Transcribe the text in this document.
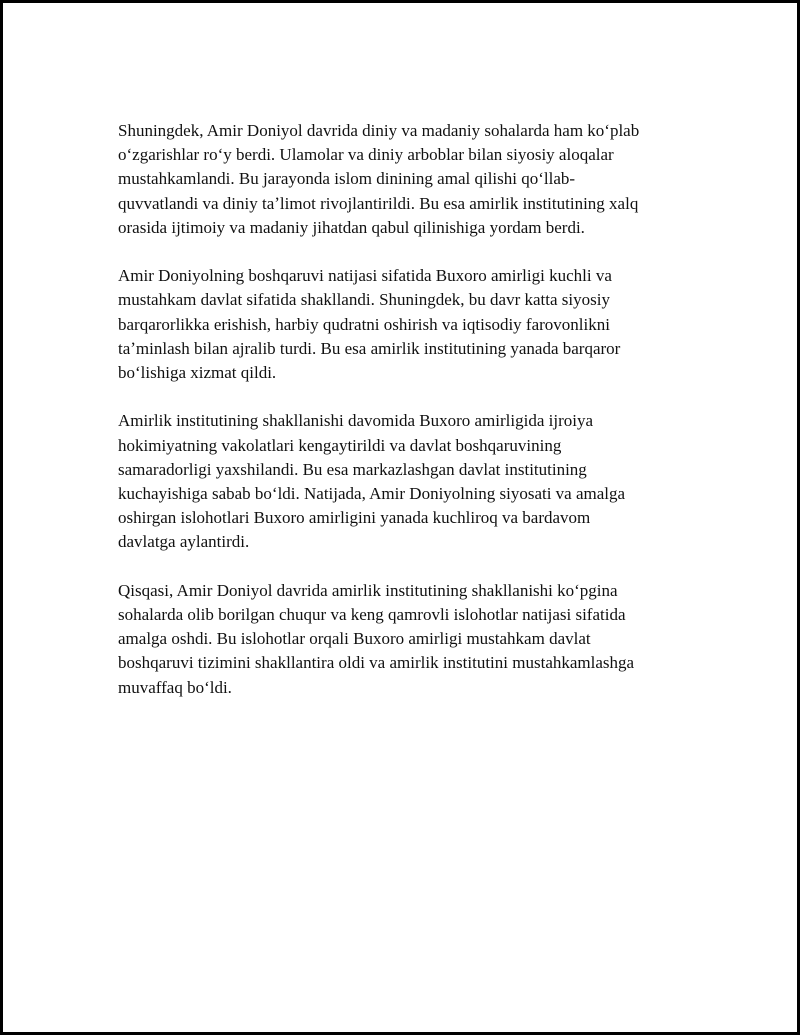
Shuningdek, Amir Doniyol davrida diniy va madaniy sohalarda ham koʻplab
oʻzgarishlar roʻy berdi. Ulamolar va diniy arboblar bilan siyosiy aloqalar
mustahkamlandi. Bu jarayonda islom dinining amal qilishi qoʻllab-
quvvatlandi va diniy taʼlimot rivojlantirildi. Bu esa amirlik institutining xalq
orasida ijtimoiy va madaniy jihatdan qabul qilinishiga yordam berdi.

Amir Doniyolning boshqaruvi natijasi sifatida Buxoro amirligi kuchli va
mustahkam davlat sifatida shakllandi. Shuningdek, bu davr katta siyosiy
barqarorlikka erishish, harbiy qudratni oshirish va iqtisodiy farovonlikni
taʼminlash bilan ajralib turdi. Bu esa amirlik institutining yanada barqaror
boʻlishiga xizmat qildi.

Amirlik institutining shakllanishi davomida Buxoro amirligida ijroiya
hokimiyatning vakolatlari kengaytirildi va davlat boshqaruvining
samaradorligi yaxshilandi. Bu esa markazlashgan davlat institutining
kuchayishiga sabab boʻldi. Natijada, Amir Doniyolning siyosati va amalga
oshirgan islohotlari Buxoro amirligini yanada kuchliroq va bardavom
davlatga aylantirdi.

Qisqasi, Amir Doniyol davrida amirlik institutining shakllanishi koʻpgina
sohalarda olib borilgan chuqur va keng qamrovli islohotlar natijasi sifatida
amalga oshdi. Bu islohotlar orqali Buxoro amirligi mustahkam davlat
boshqaruvi tizimini shakllantira oldi va amirlik institutini mustahkamlashga
muvaffaq boʻldi.
